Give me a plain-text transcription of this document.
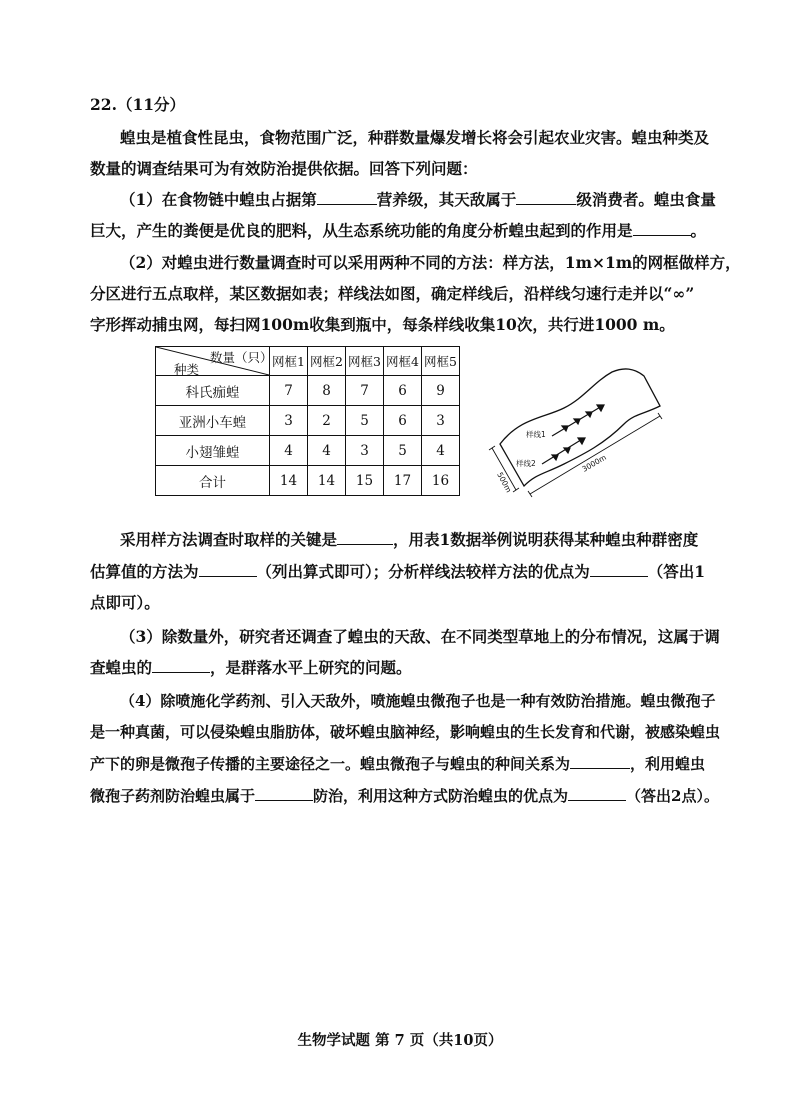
22.（11分）
蝗虫是植食性昆虫，食物范围广泛，种群数量爆发增长将会引起农业灾害。蝗虫种类及
数量的调查结果可为有效防治提供依据。回答下列问题：
（1）在食物链中蝗虫占据第	营养级，其天敌属于	级消费者。蝗虫食量
巨大，产生的粪便是优良的肥料，从生态系统功能的角度分析蝗虫起到的作用是	。
（2）对蝗虫进行数量调查时可以采用两种不同的方法：样方法，1m×1m的网框做样方，
分区进行五点取样，某区数据如表；样线法如图，确定样线后，沿样线匀速行走并以“∞”
字形挥动捕虫网，每扫网100m收集到瓶中，每条样线收集10次，共行进1000 m。
数量（只）
种类	网框1	网框2	网框3	网框4	网框5
科氏痂蝗	7	8	7	6	9
亚洲小车蝗	3	2	5	6	3
小翅雏蝗	4	4	3	5	4
合计	14	14	15	17	16
样线1
样线2
500m
3000m
采用样方法调查时取样的关键是	，用表1数据举例说明获得某种蝗虫种群密度
估算值的方法为	（列出算式即可）；分析样线法较样方法的优点为	（答出1
点即可）。
（3）除数量外，研究者还调查了蝗虫的天敌、在不同类型草地上的分布情况，这属于调
查蝗虫的	，是群落水平上研究的问题。
（4）除喷施化学药剂、引入天敌外，喷施蝗虫微孢子也是一种有效防治措施。蝗虫微孢子
是一种真菌，可以侵染蝗虫脂肪体，破坏蝗虫脑神经，影响蝗虫的生长发育和代谢，被感染蝗虫
产下的卵是微孢子传播的主要途径之一。蝗虫微孢子与蝗虫的种间关系为	，利用蝗虫
微孢子药剂防治蝗虫属于	防治，利用这种方式防治蝗虫的优点为	（答出2点）。
生物学试题 第 7 页（共10页）
